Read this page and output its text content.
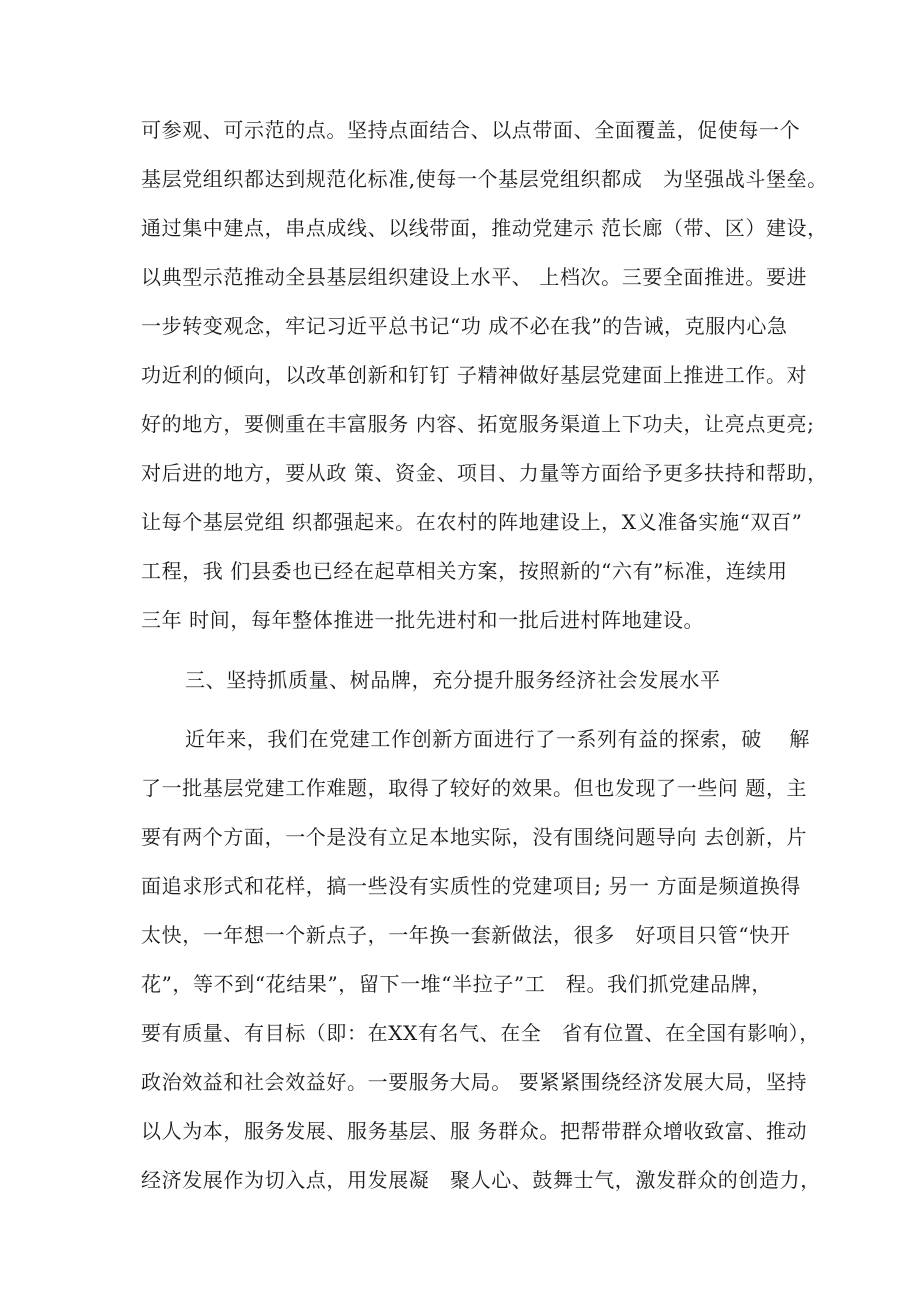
可参观、可示范的点。坚持点面结合、以点带面、全面覆盖，促使每一个
基层党组织都达到规范化标准,使每一个基层党组织都成　为坚强战斗堡垒。
通过集中建点，串点成线、以线带面，推动党建示 范长廊（带、区）建设，
以典型示范推动全县基层组织建设上水平、 上档次。三要全面推进。要进
一步转变观念，牢记习近平总书记“功 成不必在我”的告诫，克服内心急
功近利的倾向，以改革创新和钉钉 子精神做好基层党建面上推进工作。对
好的地方，要侧重在丰富服务 内容、拓宽服务渠道上下功夫，让亮点更亮;
对后进的地方，要从政 策、资金、项目、力量等方面给予更多扶持和帮助，
让每个基层党组 织都强起来。在农村的阵地建设上，X义准备实施“双百”
工程，我 们县委也已经在起草相关方案，按照新的“六有”标准，连续用
三年 时间，每年整体推进一批先进村和一批后进村阵地建设。
三、坚持抓质量、树品牌，充分提升服务经济社会发展水平
近年来，我们在党建工作创新方面进行了一系列有益的探索，破　 解
了一批基层党建工作难题，取得了较好的效果。但也发现了一些问 题，主
要有两个方面，一个是没有立足本地实际，没有围绕问题导向 去创新，片
面追求形式和花样，搞一些没有实质性的党建项目; 另一 方面是频道换得
太快，一年想一个新点子，一年换一套新做法，很多　好项目只管“快开
花”，等不到“花结果”，留下一堆“半拉子”工　程。我们抓党建品牌，
要有质量、有目标（即：在XX有名气、在全　省有位置、在全国有影响），
政治效益和社会效益好。一要服务大局。 要紧紧围绕经济发展大局，坚持
以人为本，服务发展、服务基层、服 务群众。把帮带群众增收致富、推动
经济发展作为切入点，用发展凝　聚人心、鼓舞士气，激发群众的创造力，
